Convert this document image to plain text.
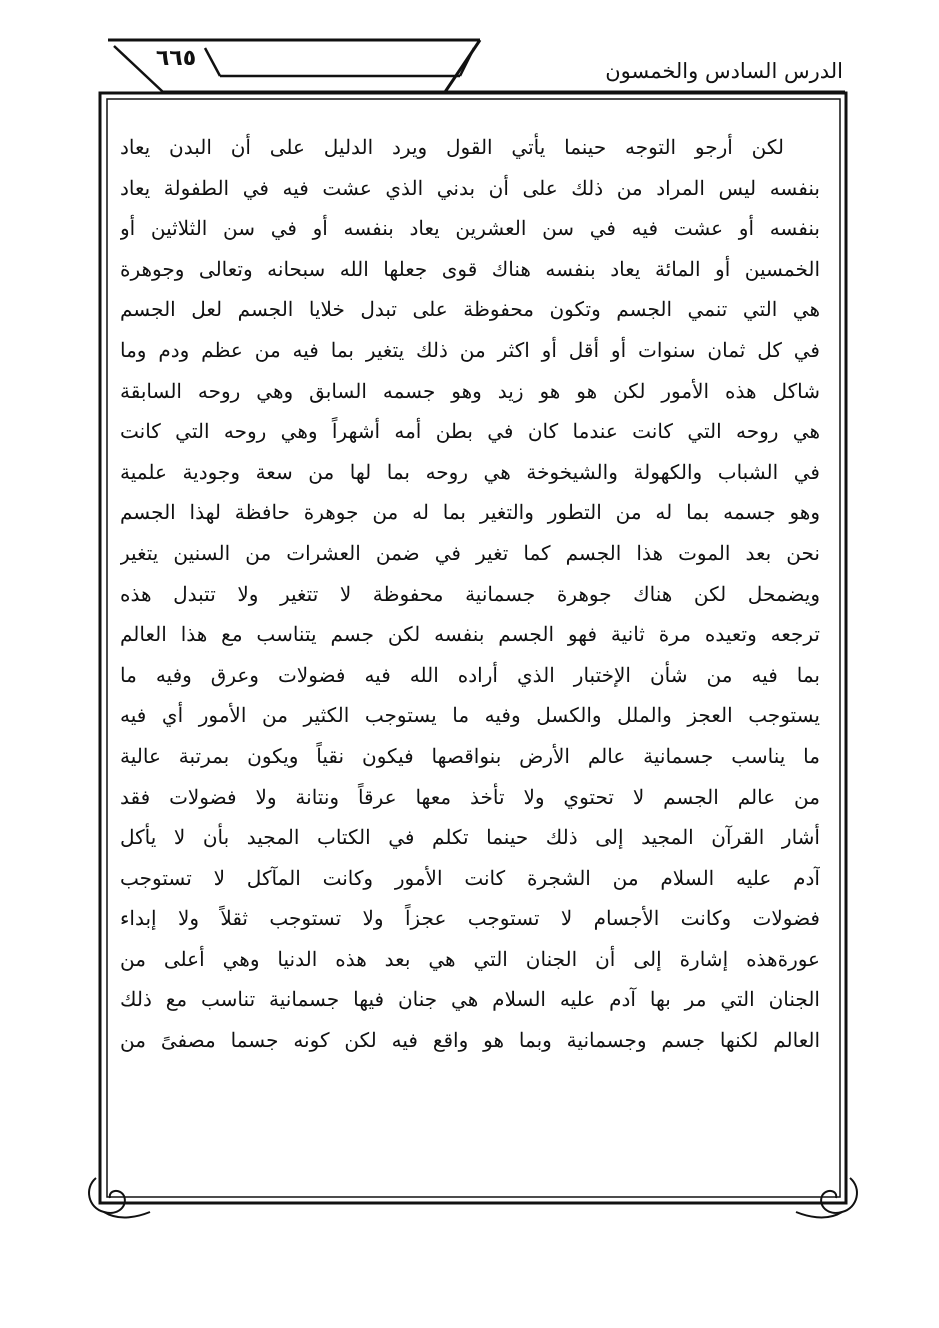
٦٦٥	الدرس السادس والخمسون
لكن أرجو التوجه حينما يأتي القول ويرد الدليل على أن البدن يعاد
بنفسه ليس المراد من ذلك على أن بدني الذي عشت فيه في الطفولة يعاد
بنفسه أو عشت فيه في سن العشرين يعاد بنفسه أو في سن الثلاثين أو
الخمسين أو المائة يعاد بنفسه هناك قوى جعلها الله سبحانه وتعالى وجوهرة
هي التي تنمي الجسم وتكون محفوظة على تبدل خلايا الجسم لعل الجسم
في كل ثمان سنوات أو أقل أو اكثر من ذلك يتغير بما فيه من عظم ودم وما
شاكل هذه الأمور لكن هو هو زيد وهو جسمه السابق وهي روحه السابقة
هي روحه التي كانت عندما كان في بطن أمه أشهراً وهي روحه التي كانت
في الشباب والكهولة والشيخوخة هي روحه بما لها من سعة وجودية علمية
وهو جسمه بما له من التطور والتغير بما له من جوهرة حافظة لهذا الجسم
نحن بعد الموت هذا الجسم كما تغير في ضمن العشرات من السنين يتغير
ويضمحل لكن هناك جوهرة جسمانية محفوظة لا تتغير ولا تتبدل هذه
ترجعه وتعيده مرة ثانية فهو الجسم بنفسه لكن جسم يتناسب مع هذا العالم
بما فيه من شأن الإختبار الذي أراده الله فيه فضولات وعرق وفيه ما
يستوجب العجز والملل والكسل وفيه ما يستوجب الكثير من الأمور أي فيه
ما يناسب جسمانية عالم الأرض بنواقصها فيكون نقياً ويكون بمرتبة عالية
من عالم الجسم لا تحتوي ولا تأخذ معها عرقاً ونتانة ولا فضولات فقد
أشار القرآن المجيد إلى ذلك حينما تكلم في الكتاب المجيد بأن لا يأكل
آدم عليه السلام من الشجرة كانت الأمور وكانت المآكل لا تستوجب
فضولات وكانت الأجسام لا تستوجب عجزاً ولا تستوجب ثقلاً ولا إبداء
عورةهذه إشارة إلى أن الجنان التي هي بعد هذه الدنيا وهي أعلى من
الجنان التي مر بها آدم عليه السلام هي جنان فيها جسمانية تناسب مع ذلك
العالم لكنها جسم وجسمانية وبما هو واقع فيه لكن كونه جسما مصفىً من
